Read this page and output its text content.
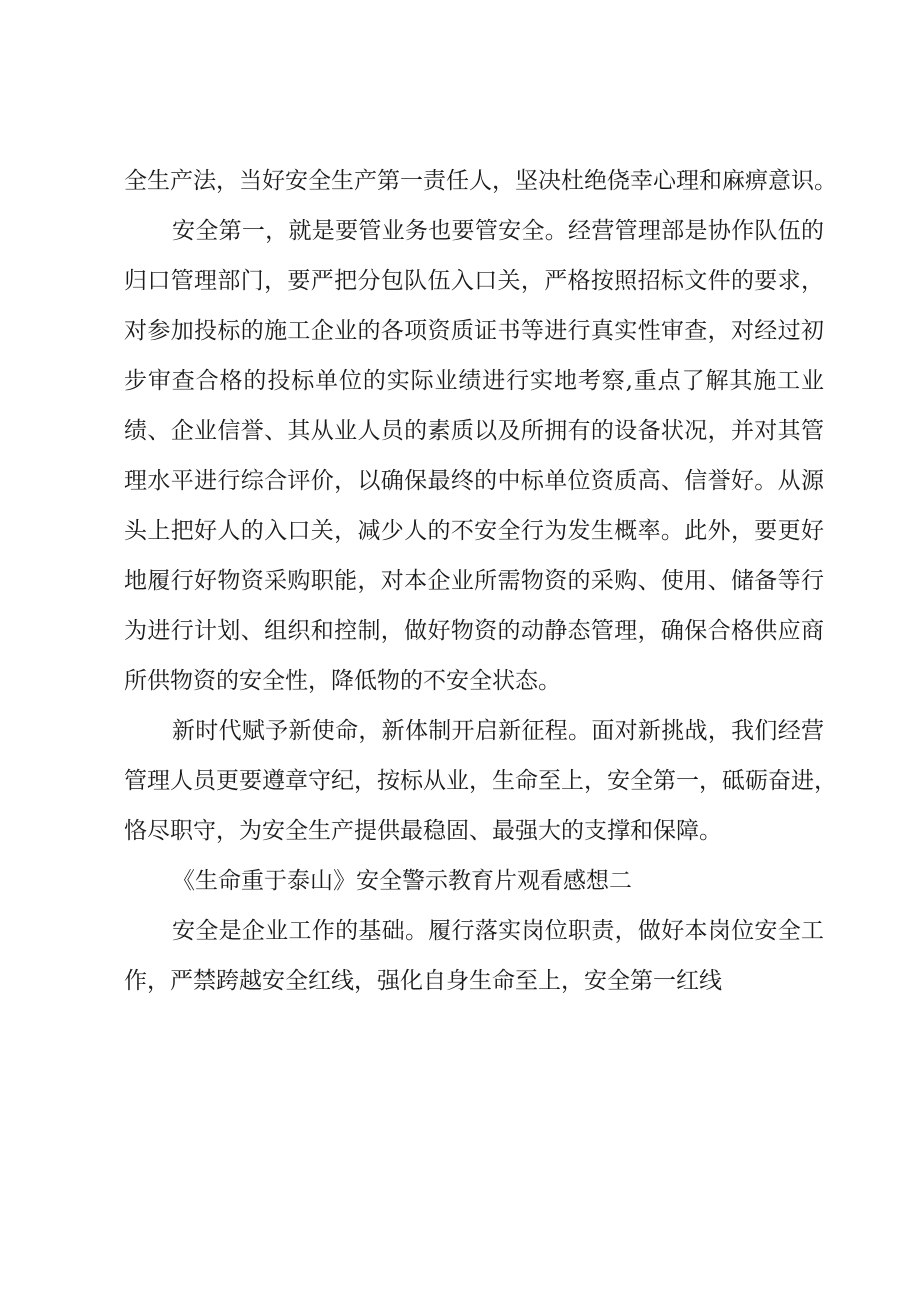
全生产法，当好安全生产第一责任人，坚决杜绝侥幸心理和麻痹意识。
安全第一，就是要管业务也要管安全。经营管理部是协作队伍的
归口管理部门，要严把分包队伍入口关，严格按照招标文件的要求，
对参加投标的施工企业的各项资质证书等进行真实性审查，对经过初
步审查合格的投标单位的实际业绩进行实地考察,重点了解其施工业
绩、企业信誉、其从业人员的素质以及所拥有的设备状况，并对其管
理水平进行综合评价，以确保最终的中标单位资质高、信誉好。从源
头上把好人的入口关，减少人的不安全行为发生概率。此外，要更好
地履行好物资采购职能，对本企业所需物资的采购、使用、储备等行
为进行计划、组织和控制，做好物资的动静态管理，确保合格供应商
所供物资的安全性，降低物的不安全状态。
新时代赋予新使命，新体制开启新征程。面对新挑战，我们经营
管理人员更要遵章守纪，按标从业，生命至上，安全第一，砥砺奋进，
恪尽职守，为安全生产提供最稳固、最强大的支撑和保障。
《生命重于泰山》安全警示教育片观看感想二
安全是企业工作的基础。履行落实岗位职责，做好本岗位安全工
作，严禁跨越安全红线，强化自身生命至上，安全第一红线
